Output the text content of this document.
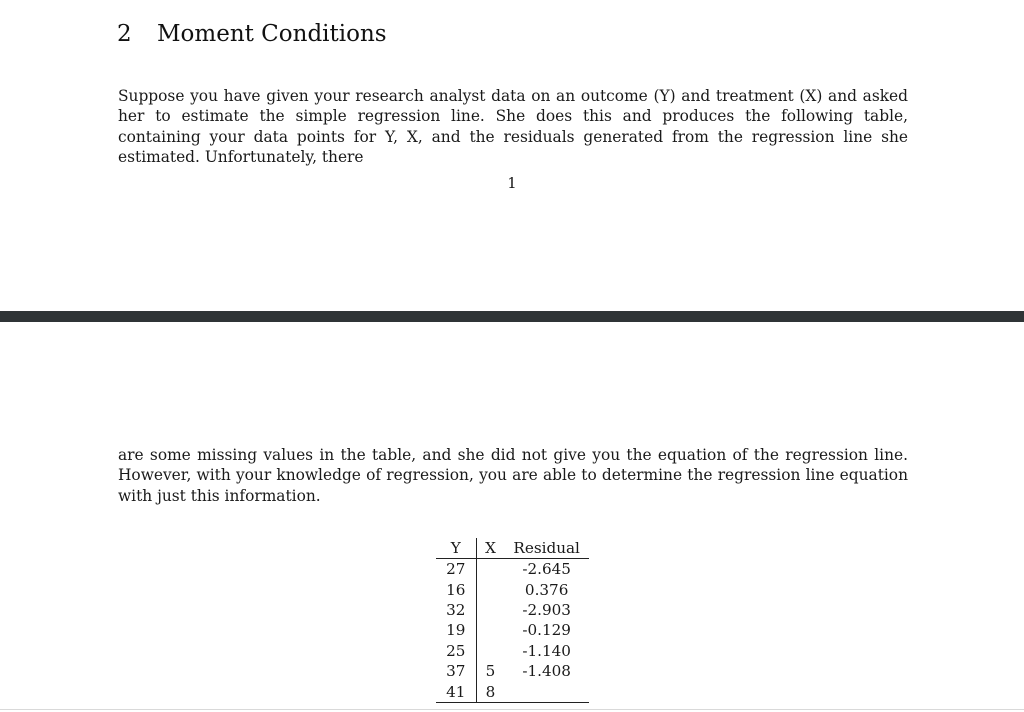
2 Moment Conditions

Suppose you have given your research analyst data on an outcome (Y) and treatment (X) and asked her to estimate the simple regression line. She does this and produces the following table, containing your data points for Y, X, and the residuals generated from the regression line she estimated. Unfortunately, there

1

are some missing values in the table, and she did not give you the equation of the regression line. However, with your knowledge of regression, you are able to determine the regression line equation with just this information.

Y	X	Residual
27		-2.645
16		0.376
32		-2.903
19		-0.129
25		-1.140
37	5	-1.408
41	8	
